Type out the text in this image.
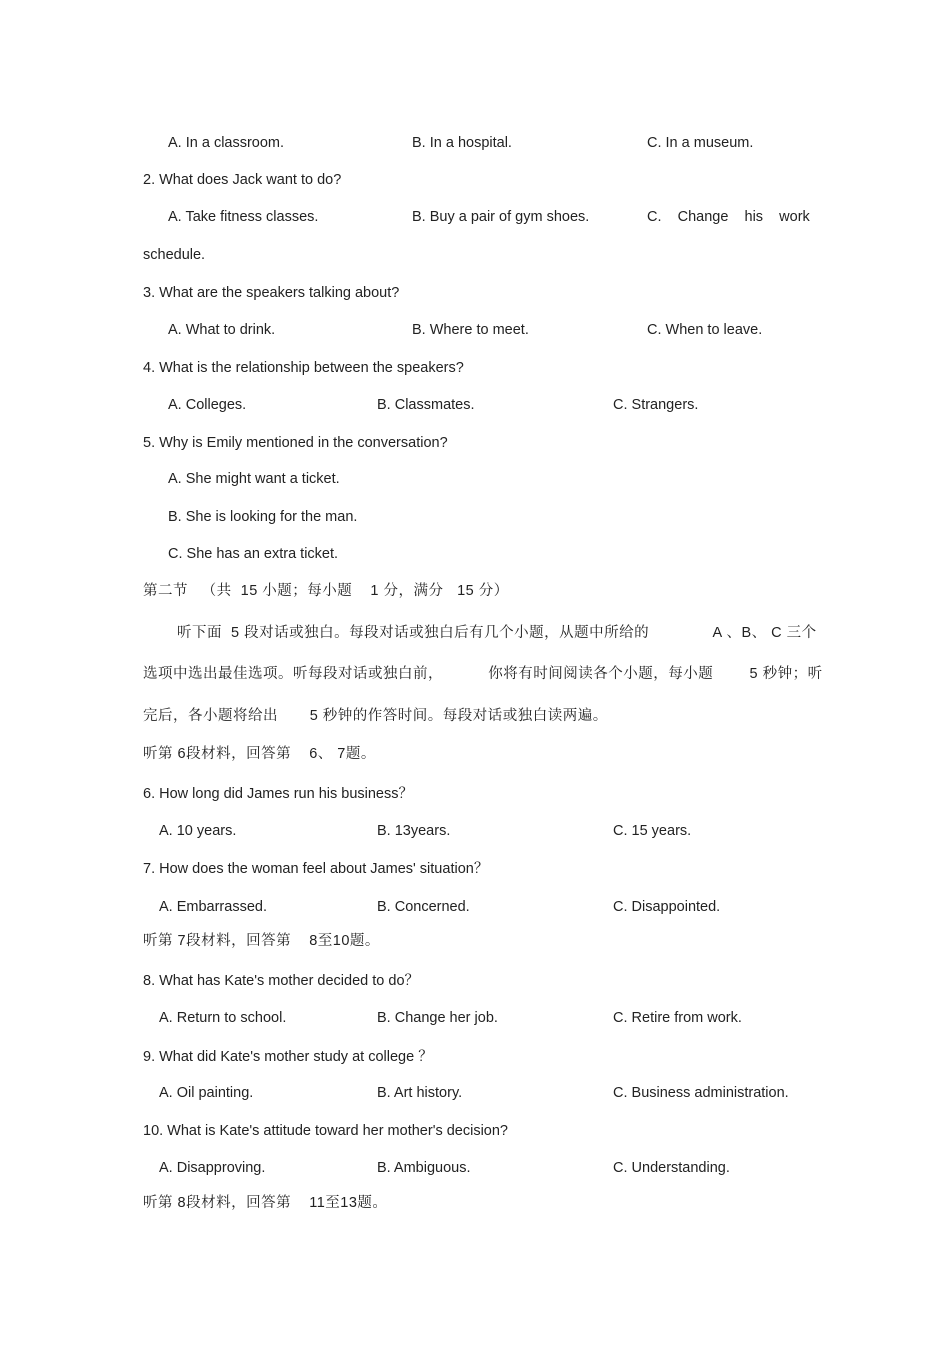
A. In a classroom.	B. In a hospital.	C. In a museum.
2. What does Jack want to do?
A. Take fitness classes.	B. Buy a pair of gym shoes.	C.    Change    his    work
schedule.
3. What are the speakers talking about?
A. What to drink.	B. Where to meet.	C. When to leave.
4. What is the relationship between the speakers?
A. Colleges.	B. Classmates.	C. Strangers.
5. Why is Emily mentioned in the conversation?
A. She might want a ticket.
B. She is looking for the man.
C. She has an extra ticket.
第二节   （共  15 小题；每小题    1 分，满分   15 分）
听下面  5 段对话或独白。每段对话或独白后有几个小题，从题中所给的              A 、B、 C 三个
选项中选出最佳选项。听每段对话或独白前，          你将有时间阅读各个小题，每小题        5 秒钟；听
完后，各小题将给出       5 秒钟的作答时间。每段对话或独白读两遍。
听第 6段材料，回答第    6、 7题。
6. How long did James run his business？
A. 10 years.	B. 13years.	C. 15 years.
7. How does the woman feel about James' situation？
A. Embarrassed.	B. Concerned.	C. Disappointed.
听第 7段材料，回答第    8至10题。
8. What has Kate's mother decided to do？
A. Return to school.	B. Change her job.	C. Retire from work.
9. What did Kate's mother study at college ？
A. Oil painting.	B. Art history.	C. Business administration.
10. What is Kate's attitude toward her mother's decision?
A. Disapproving.	B. Ambiguous.	C. Understanding.
听第 8段材料，回答第    11至13题。
